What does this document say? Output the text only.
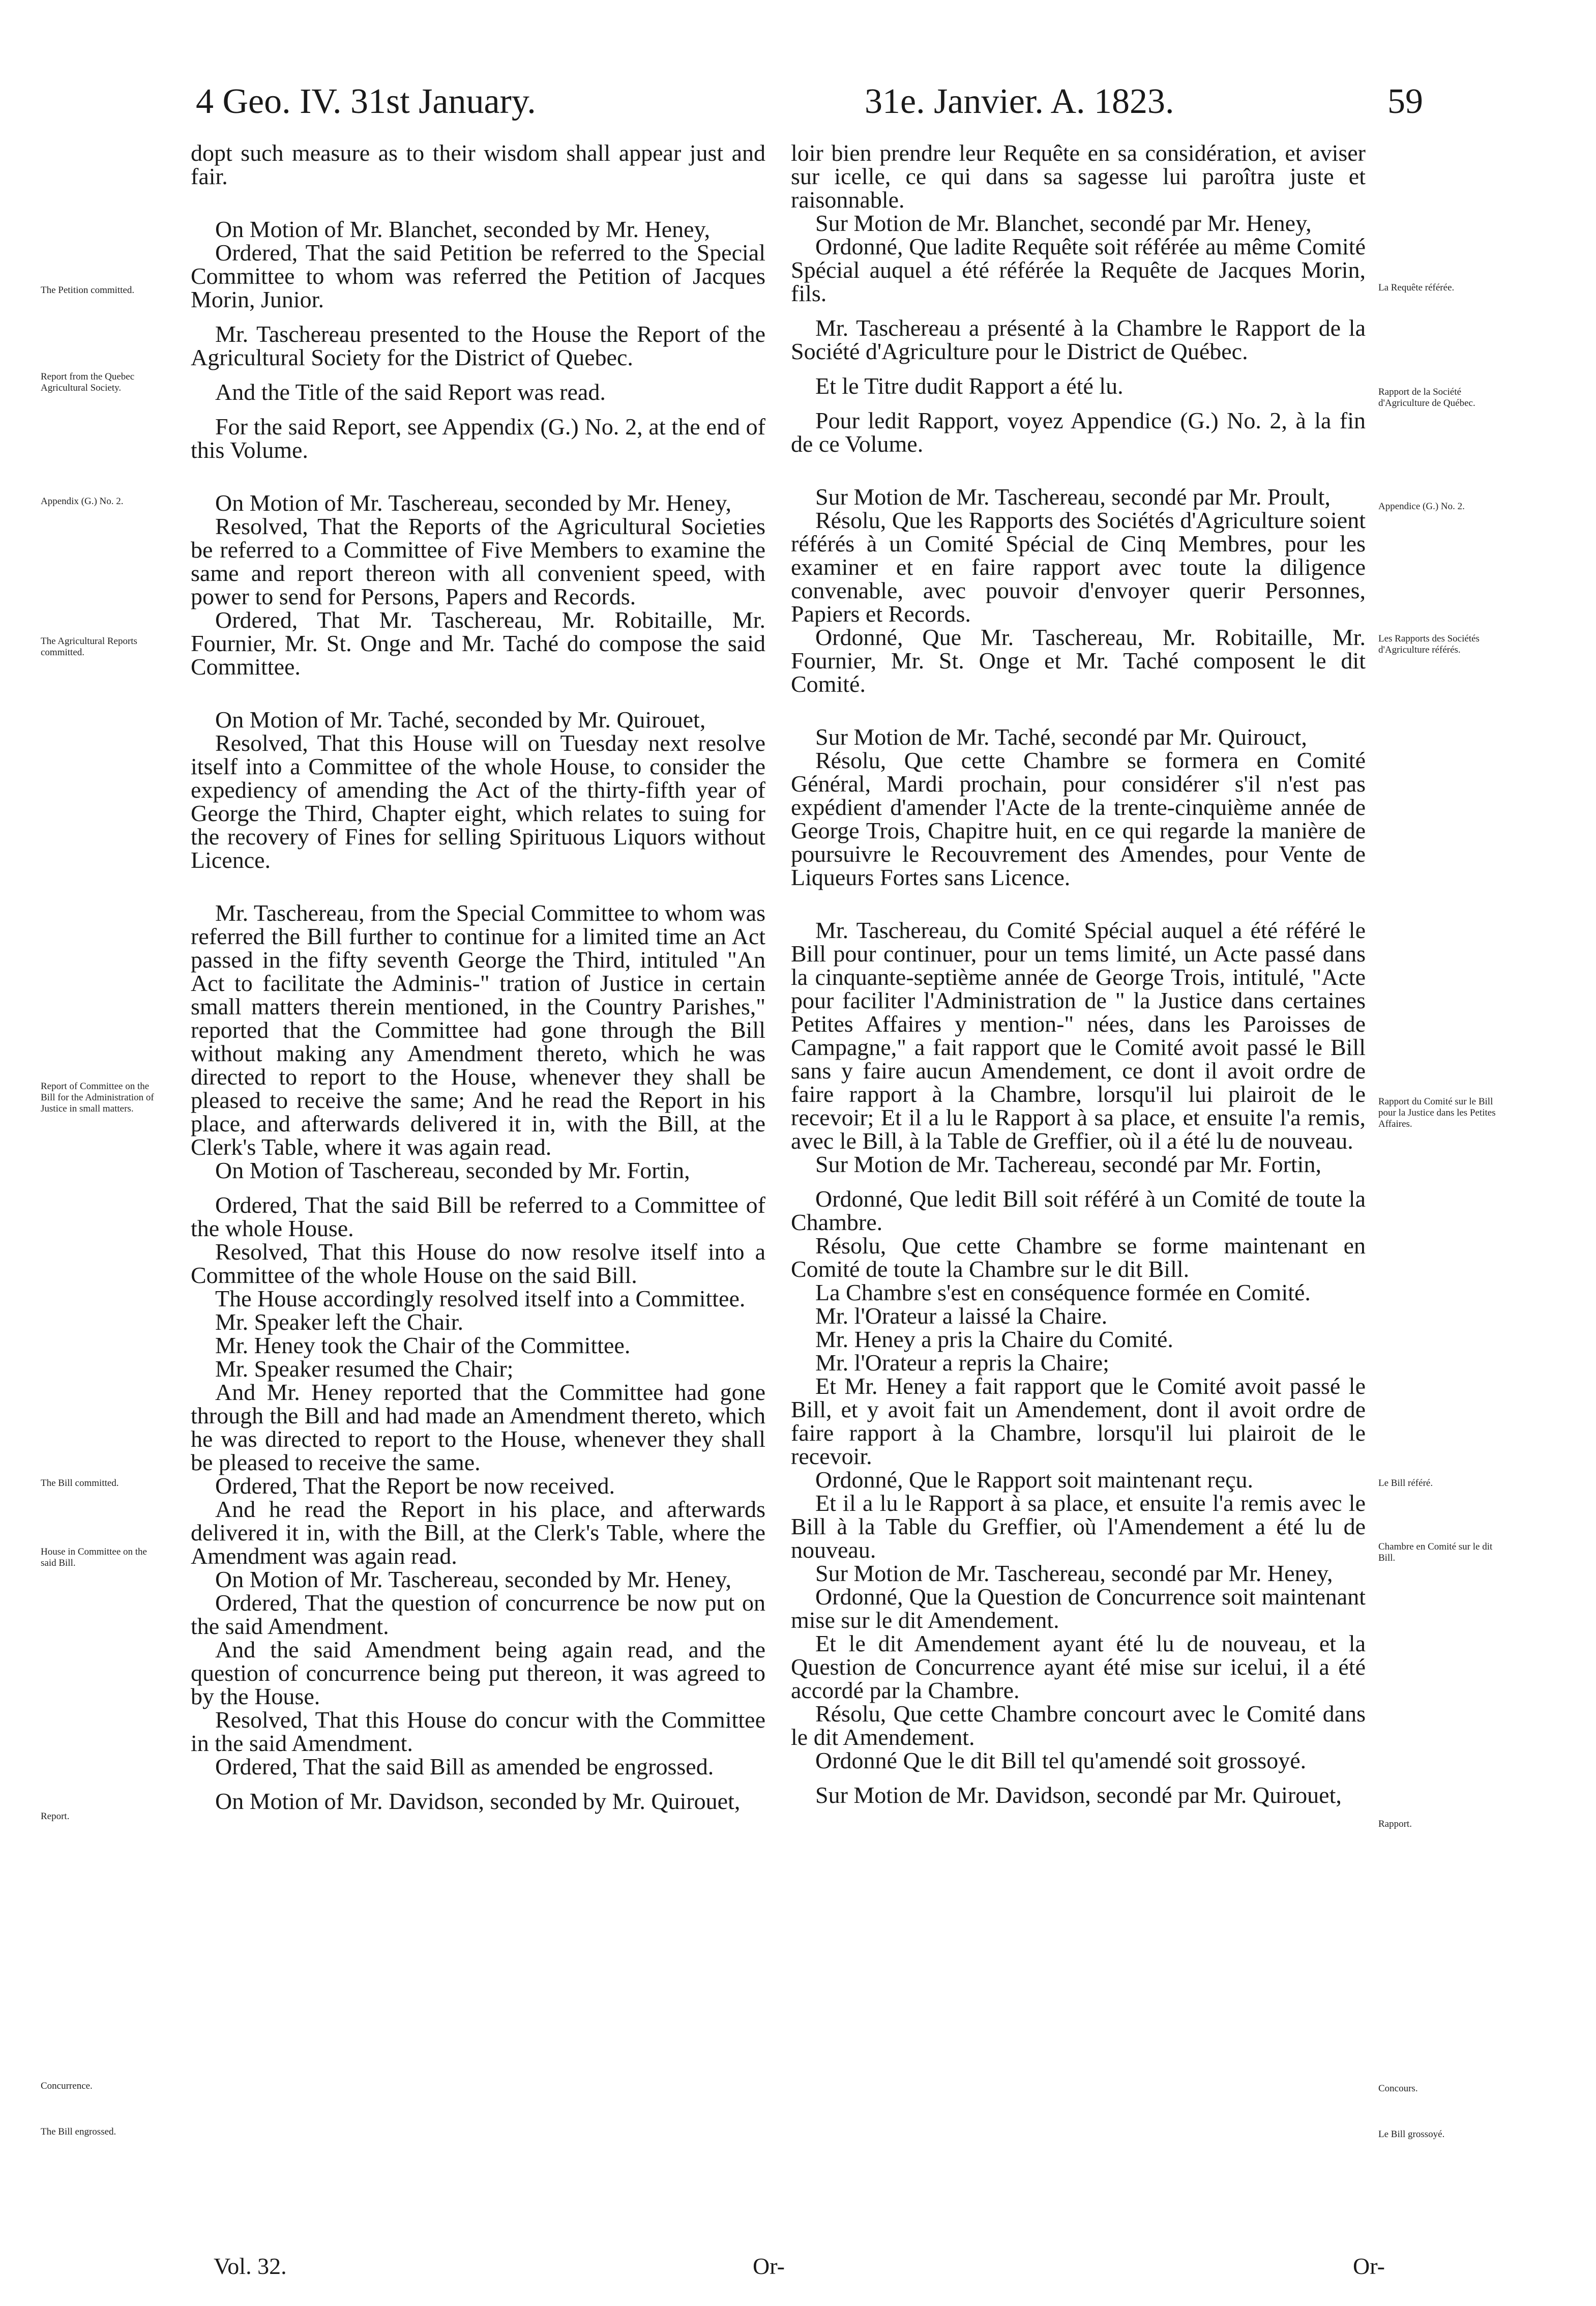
4 Geo. IV. 31st January.	31e. Janvier. A. 1823.	59

dopt such measure as to their wisdom shall appear just and fair.

On Motion of Mr. Blanchet, seconded by Mr. Heney,

Ordered, That the said Petition be referred to the Special Committee to whom was referred the Petition of Jacques Morin, Junior.

Mr. Taschereau presented to the House the Report of the Agricultural Society for the District of Quebec.

And the Title of the said Report was read.

For the said Report, see Appendix (G.) No. 2, at the end of this Volume.

On Motion of Mr. Taschereau, seconded by Mr. Heney,

Resolved, That the Reports of the Agricultural Societies be referred to a Committee of Five Members to examine the same and report thereon with all convenient speed, with power to send for Persons, Papers and Records.

Ordered, That Mr. Taschereau, Mr. Robitaille, Mr. Fournier, Mr. St. Onge and Mr. Taché do compose the said Committee.

On Motion of Mr. Taché, seconded by Mr. Quirouet,

Resolved, That this House will on Tuesday next resolve itself into a Committee of the whole House, to consider the expediency of amending the Act of the thirty-fifth year of George the Third, Chapter eight, which relates to suing for the recovery of Fines for selling Spirituous Liquors without Licence.

Mr. Taschereau, from the Special Committee to whom was referred the Bill further to continue for a limited time an Act passed in the fifty seventh George the Third, intituled "An Act to facilitate the Adminis-" tration of Justice in certain small matters therein mentioned, in the Country Parishes," reported that the Committee had gone through the Bill without making any Amendment thereto, which he was directed to report to the House, whenever they shall be pleased to receive the same; And he read the Report in his place, and afterwards delivered it in, with the Bill, at the Clerk's Table, where it was again read.

On Motion of Taschereau, seconded by Mr. Fortin,

Ordered, That the said Bill be referred to a Committee of the whole House.

Resolved, That this House do now resolve itself into a Committee of the whole House on the said Bill.

The House accordingly resolved itself into a Committee.

Mr. Speaker left the Chair.

Mr. Heney took the Chair of the Committee.

Mr. Speaker resumed the Chair;

And Mr. Heney reported that the Committee had gone through the Bill and had made an Amendment thereto, which he was directed to report to the House, whenever they shall be pleased to receive the same.

Ordered, That the Report be now received.

And he read the Report in his place, and afterwards delivered it in, with the Bill, at the Clerk's Table, where the Amendment was again read.

On Motion of Mr. Taschereau, seconded by Mr. Heney,

Ordered, That the question of concurrence be now put on the said Amendment.

And the said Amendment being again read, and the question of concurrence being put thereon, it was agreed to by the House.

Resolved, That this House do concur with the Committee in the said Amendment.

Ordered, That the said Bill as amended be engrossed.

On Motion of Mr. Davidson, seconded by Mr. Quirouet,

loir bien prendre leur Requête en sa considération, et aviser sur icelle, ce qui dans sa sagesse lui paroîtra juste et raisonnable.

Sur Motion de Mr. Blanchet, secondé par Mr. Heney,

Ordonné, Que ladite Requête soit référée au même Comité Spécial auquel a été référée la Requête de Jacques Morin, fils.

Mr. Taschereau a présenté à la Chambre le Rapport de la Société d'Agriculture pour le District de Québec.

Et le Titre dudit Rapport a été lu.

Pour ledit Rapport, voyez Appendice (G.) No. 2, à la fin de ce Volume.

Sur Motion de Mr. Taschereau, secondé par Mr. Proult,

Résolu, Que les Rapports des Sociétés d'Agriculture soient référés à un Comité Spécial de Cinq Membres, pour les examiner et en faire rapport avec toute la diligence convenable, avec pouvoir d'envoyer querir Personnes, Papiers et Records.

Ordonné, Que Mr. Taschereau, Mr. Robitaille, Mr. Fournier, Mr. St. Onge et Mr. Taché composent le dit Comité.

Sur Motion de Mr. Taché, secondé par Mr. Quirouct,

Résolu, Que cette Chambre se formera en Comité Général, Mardi prochain, pour considérer s'il n'est pas expédient d'amender l'Acte de la trente-cinquième année de George Trois, Chapitre huit, en ce qui regarde la manière de poursuivre le Recouvrement des Amendes, pour Vente de Liqueurs Fortes sans Licence.

Mr. Taschereau, du Comité Spécial auquel a été référé le Bill pour continuer, pour un tems limité, un Acte passé dans la cinquante-septième année de George Trois, intitulé, "Acte pour faciliter l'Administration de " la Justice dans certaines Petites Affaires y mention-" nées, dans les Paroisses de Campagne," a fait rapport que le Comité avoit passé le Bill sans y faire aucun Amendement, ce dont il avoit ordre de faire rapport à la Chambre, lorsqu'il lui plairoit de le recevoir; Et il a lu le Rapport à sa place, et ensuite l'a remis, avec le Bill, à la Table de Greffier, où il a été lu de nouveau.

Sur Motion de Mr. Tachereau, secondé par Mr. Fortin,

Ordonné, Que ledit Bill soit référé à un Comité de toute la Chambre.

Résolu, Que cette Chambre se forme maintenant en Comité de toute la Chambre sur le dit Bill.

La Chambre s'est en conséquence formée en Comité.

Mr. l'Orateur a laissé la Chaire.

Mr. Heney a pris la Chaire du Comité.

Mr. l'Orateur a repris la Chaire;

Et Mr. Heney a fait rapport que le Comité avoit passé le Bill, et y avoit fait un Amendement, dont il avoit ordre de faire rapport à la Chambre, lorsqu'il lui plairoit de le recevoir.

Ordonné, Que le Rapport soit maintenant reçu.

Et il a lu le Rapport à sa place, et ensuite l'a remis avec le Bill à la Table du Greffier, où l'Amendement a été lu de nouveau.

Sur Motion de Mr. Taschereau, secondé par Mr. Heney,

Ordonné, Que la Question de Concurrence soit maintenant mise sur le dit Amendement.

Et le dit Amendement ayant été lu de nouveau, et la Question de Concurrence ayant été mise sur icelui, il a été accordé par la Chambre.

Résolu, Que cette Chambre concourt avec le Comité dans le dit Amendement.

Ordonné Que le dit Bill tel qu'amendé soit grossoyé.

Sur Motion de Mr. Davidson, secondé par Mr. Quirouet,

The Petition committed.
Report from the Quebec Agricultural Society.
Appendix (G.) No. 2.
The Agricultural Reports committed.
Report of Committee on the Bill for the Administration of Justice in small matters.
The Bill committed.
House in Committee on the said Bill.
Report.
Concurrence.
The Bill engrossed.
La Requête référée.
Rapport de la Société d'Agriculture de Québec.
Appendice (G.) No. 2.
Les Rapports des Sociétés d'Agriculture référés.
Rapport du Comité sur le Bill pour la Justice dans les Petites Affaires.
Le Bill référé.
Chambre en Comité sur le dit Bill.
Rapport.
Concours.
Le Bill grossoyé.
Vol. 32.	Or-	Or-
